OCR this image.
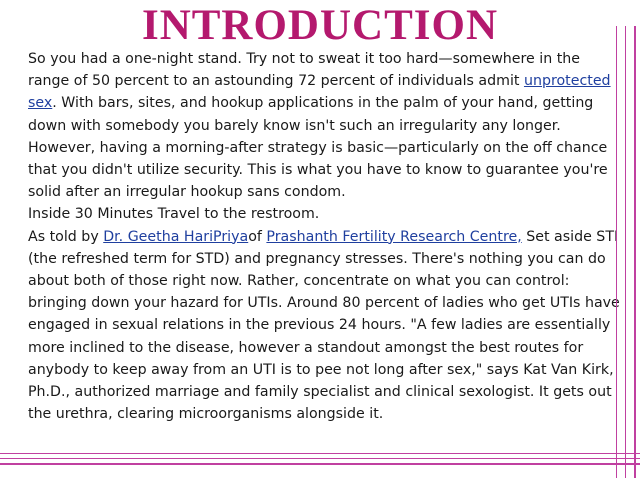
INTRODUCTION

So you had a one-night stand. Try not to sweat it too hard—somewhere in the range of 50 percent to an astounding 72 percent of individuals admit unprotected sex. With bars, sites, and hookup applications in the palm of your hand, getting down with somebody you barely know isn't such an irregularity any longer. However, having a morning-after strategy is basic—particularly on the off chance that you didn't utilize security. This is what you have to know to guarantee you're solid after an irregular hookup sans condom.

Inside 30 Minutes Travel to the restroom.

As told by Dr. Geetha HariPriyaof Prashanth Fertility Research Centre, Set aside STI (the refreshed term for STD) and pregnancy stresses. There's nothing you can do about both of those right now. Rather, concentrate on what you can control: bringing down your hazard for UTIs. Around 80 percent of ladies who get UTIs have engaged in sexual relations in the previous 24 hours. "A few ladies are essentially more inclined to the disease, however a standout amongst the best routes for anybody to keep away from an UTI is to pee not long after sex," says Kat Van Kirk, Ph.D., authorized marriage and family specialist and clinical sexologist. It gets out the urethra, clearing microorganisms alongside it.
